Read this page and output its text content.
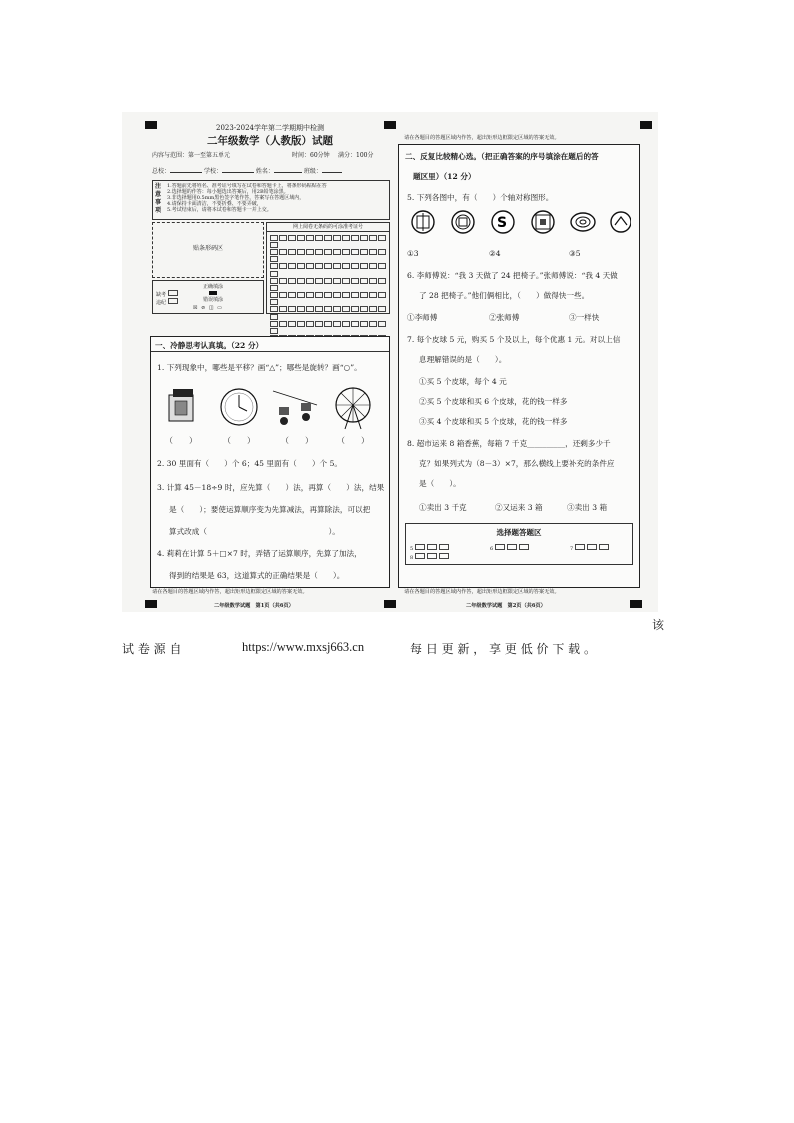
2023-2024学年第二学期期中检测
二年级数学（人教版）试题
内容与范围：第一至第五单元	时间：60分钟 满分：100分
总校：	学校：	姓名：	班级：
注意事项
1.答题前先将姓名、准考证号填写在试卷和答题卡上，将条形码粘贴在答
2.选择题的作答：每小题选出答案后，用2B铅笔涂黑。
3.非选择题用0.5mm黑色签字笔作答，答案写在答题区域内，
4.请保持卡面清洁，不要折叠、不要弄破，
5.考试结束后，请将本试卷和答题卡一并上交。
贴条形码区
网上阅卷无条码的可涂准考证号
缺考
违纪
正确填涂
错误填涂
☒ ⊘ ◫ ▭
一、冷静思考认真填。（22 分）
1. 下列现象中，哪些是平移？画“△”；哪些是旋转？画“○”。
（　　）	（　　）	（　　）	（　　）
2. 30 里面有（　　）个 6；45 里面有（　　）个 5。
3. 计算 45－18÷9 时，应先算（　　）法，再算（　　）法，结果
是（　　）；要使运算顺序变为先算减法，再算除法，可以把
算式改成（　　　　　　　　　　　　　　　　）。
4. 莉莉在计算 5＋□×7 时，弄错了运算顺序，先算了加法，
得到的结果是 63，这道算式的正确结果是（　　）。
请在各题目的答题区域内作答，超出矩形边框限定区域的答案无效。
二年级数学试题　第1页（共6页）
请在各题目的答题区域内作答，超出矩形边框限定区域的答案无效。
二、反复比较精心选。（把正确答案的序号填涂在题后的答
题区里）（12 分）
5. 下列各图中，有（　　）个轴对称图形。
S
①3	②4	③5
6. 李师傅说：“我 3 天做了 24 把椅子。”张师傅说：“我 4 天做
了 28 把椅子。”他们俩相比，（　　）做得快一些。
①李师傅	②张师傅	③一样快
7. 每个皮球 5 元，购买 5 个及以上，每个优惠 1 元。对以上信
息理解错误的是（　　）。
①买 5 个皮球，每个 4 元
②买 5 个皮球和买 6 个皮球，花的钱一样多
③买 4 个皮球和买 5 个皮球，花的钱一样多
8. 超市运来 8 箱香蕉，每箱 7 千克__________，还剩多少千
克？如果列式为（8－3）×7，那么横线上要补充的条件应
是（　　）。
①卖出 3 千克	②又运来 3 箱	③卖出 3 箱
选择题答题区
5
8
6	7
请在各题目的答题区域内作答，超出矩形边框限定区域的答案无效。
二年级数学试题　第2页（共6页）
该
试 卷 源 自	https://www.mxsj663.cn	每 日 更 新 ， 享 更 低 价 下 载 。
